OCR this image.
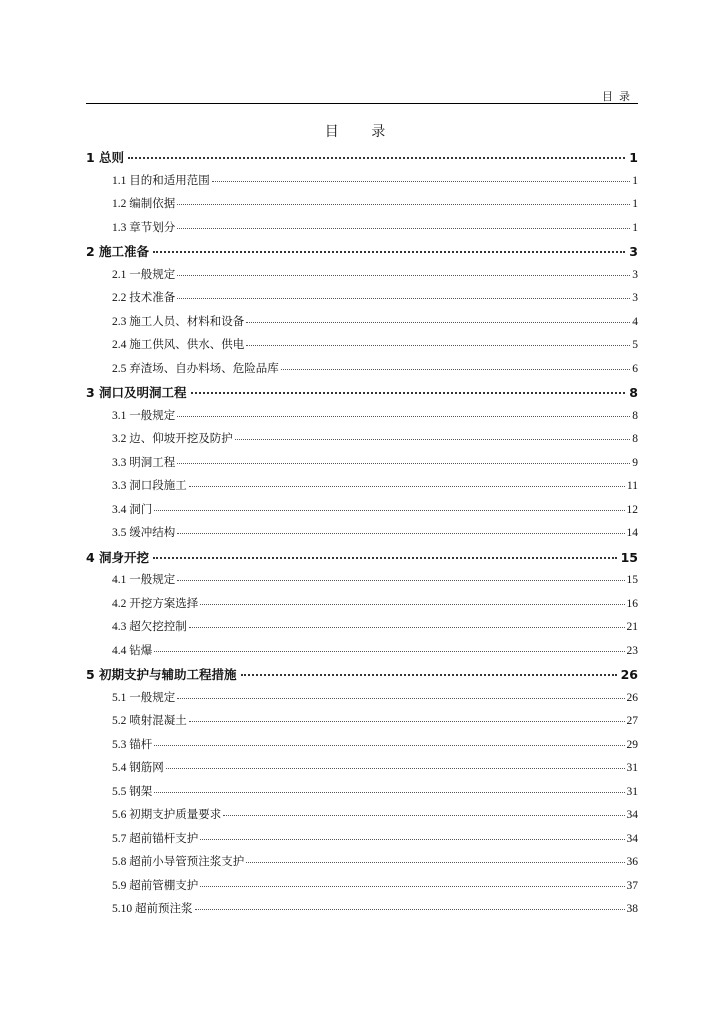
目录
目 录
1 总则	1
1.1 目的和适用范围	1
1.2 编制依据	1
1.3 章节划分	1
2 施工准备	3
2.1 一般规定	3
2.2 技术准备	3
2.3 施工人员、材料和设备	4
2.4 施工供风、供水、供电	5
2.5 弃渣场、自办料场、危险品库	6
3 洞口及明洞工程	8
3.1 一般规定	8
3.2 边、仰坡开挖及防护	8
3.3 明洞工程	9
3.3 洞口段施工	11
3.4 洞门	12
3.5 缓冲结构	14
4 洞身开挖	15
4.1 一般规定	15
4.2 开挖方案选择	16
4.3 超欠挖控制	21
4.4 钻爆	23
5 初期支护与辅助工程措施	26
5.1 一般规定	26
5.2 喷射混凝土	27
5.3 锚杆	29
5.4 钢筋网	31
5.5 钢架	31
5.6 初期支护质量要求	34
5.7 超前锚杆支护	34
5.8 超前小导管预注浆支护	36
5.9 超前管棚支护	37
5.10 超前预注浆	38
